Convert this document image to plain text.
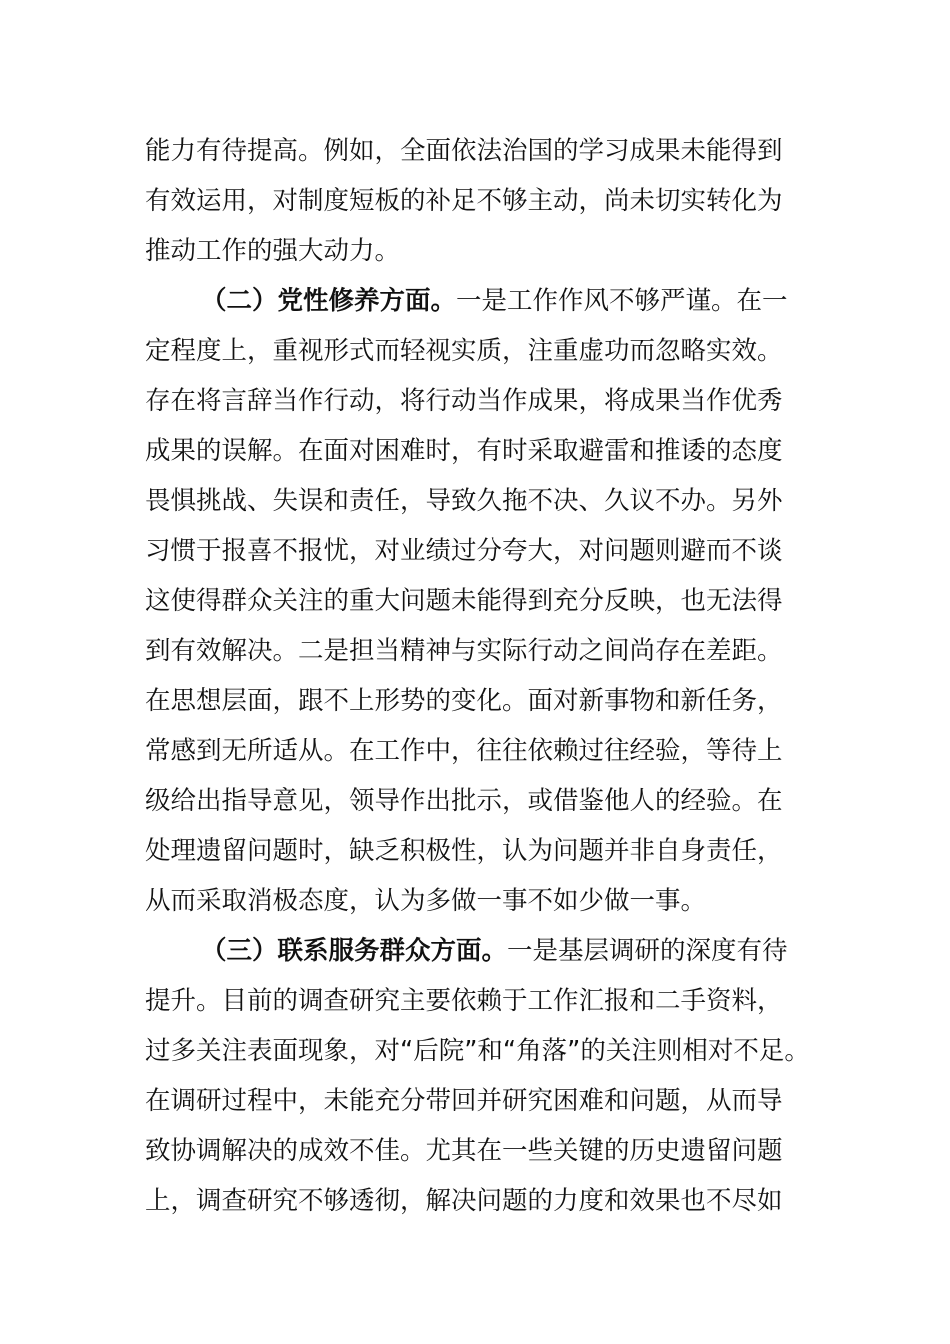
能力有待提高。例如，全面依法治国的学习成果未能得到
有效运用，对制度短板的补足不够主动，尚未切实转化为
推动工作的强大动力。
（二）党性修养方面。一是工作作风不够严谨。在一
定程度上，重视形式而轻视实质，注重虚功而忽略实效。
存在将言辞当作行动，将行动当作成果，将成果当作优秀
成果的误解。在面对困难时，有时采取避雷和推诿的态度
畏惧挑战、失误和责任，导致久拖不决、久议不办。另外
习惯于报喜不报忧，对业绩过分夸大，对问题则避而不谈
这使得群众关注的重大问题未能得到充分反映，也无法得
到有效解决。二是担当精神与实际行动之间尚存在差距。
在思想层面，跟不上形势的变化。面对新事物和新任务，
常感到无所适从。在工作中，往往依赖过往经验，等待上
级给出指导意见，领导作出批示，或借鉴他人的经验。在
处理遗留问题时，缺乏积极性，认为问题并非自身责任，
从而采取消极态度，认为多做一事不如少做一事。
（三）联系服务群众方面。一是基层调研的深度有待
提升。目前的调查研究主要依赖于工作汇报和二手资料，
过多关注表面现象，对“后院”和“角落”的关注则相对不足。
在调研过程中，未能充分带回并研究困难和问题，从而导
致协调解决的成效不佳。尤其在一些关键的历史遗留问题
上，调查研究不够透彻，解决问题的力度和效果也不尽如
